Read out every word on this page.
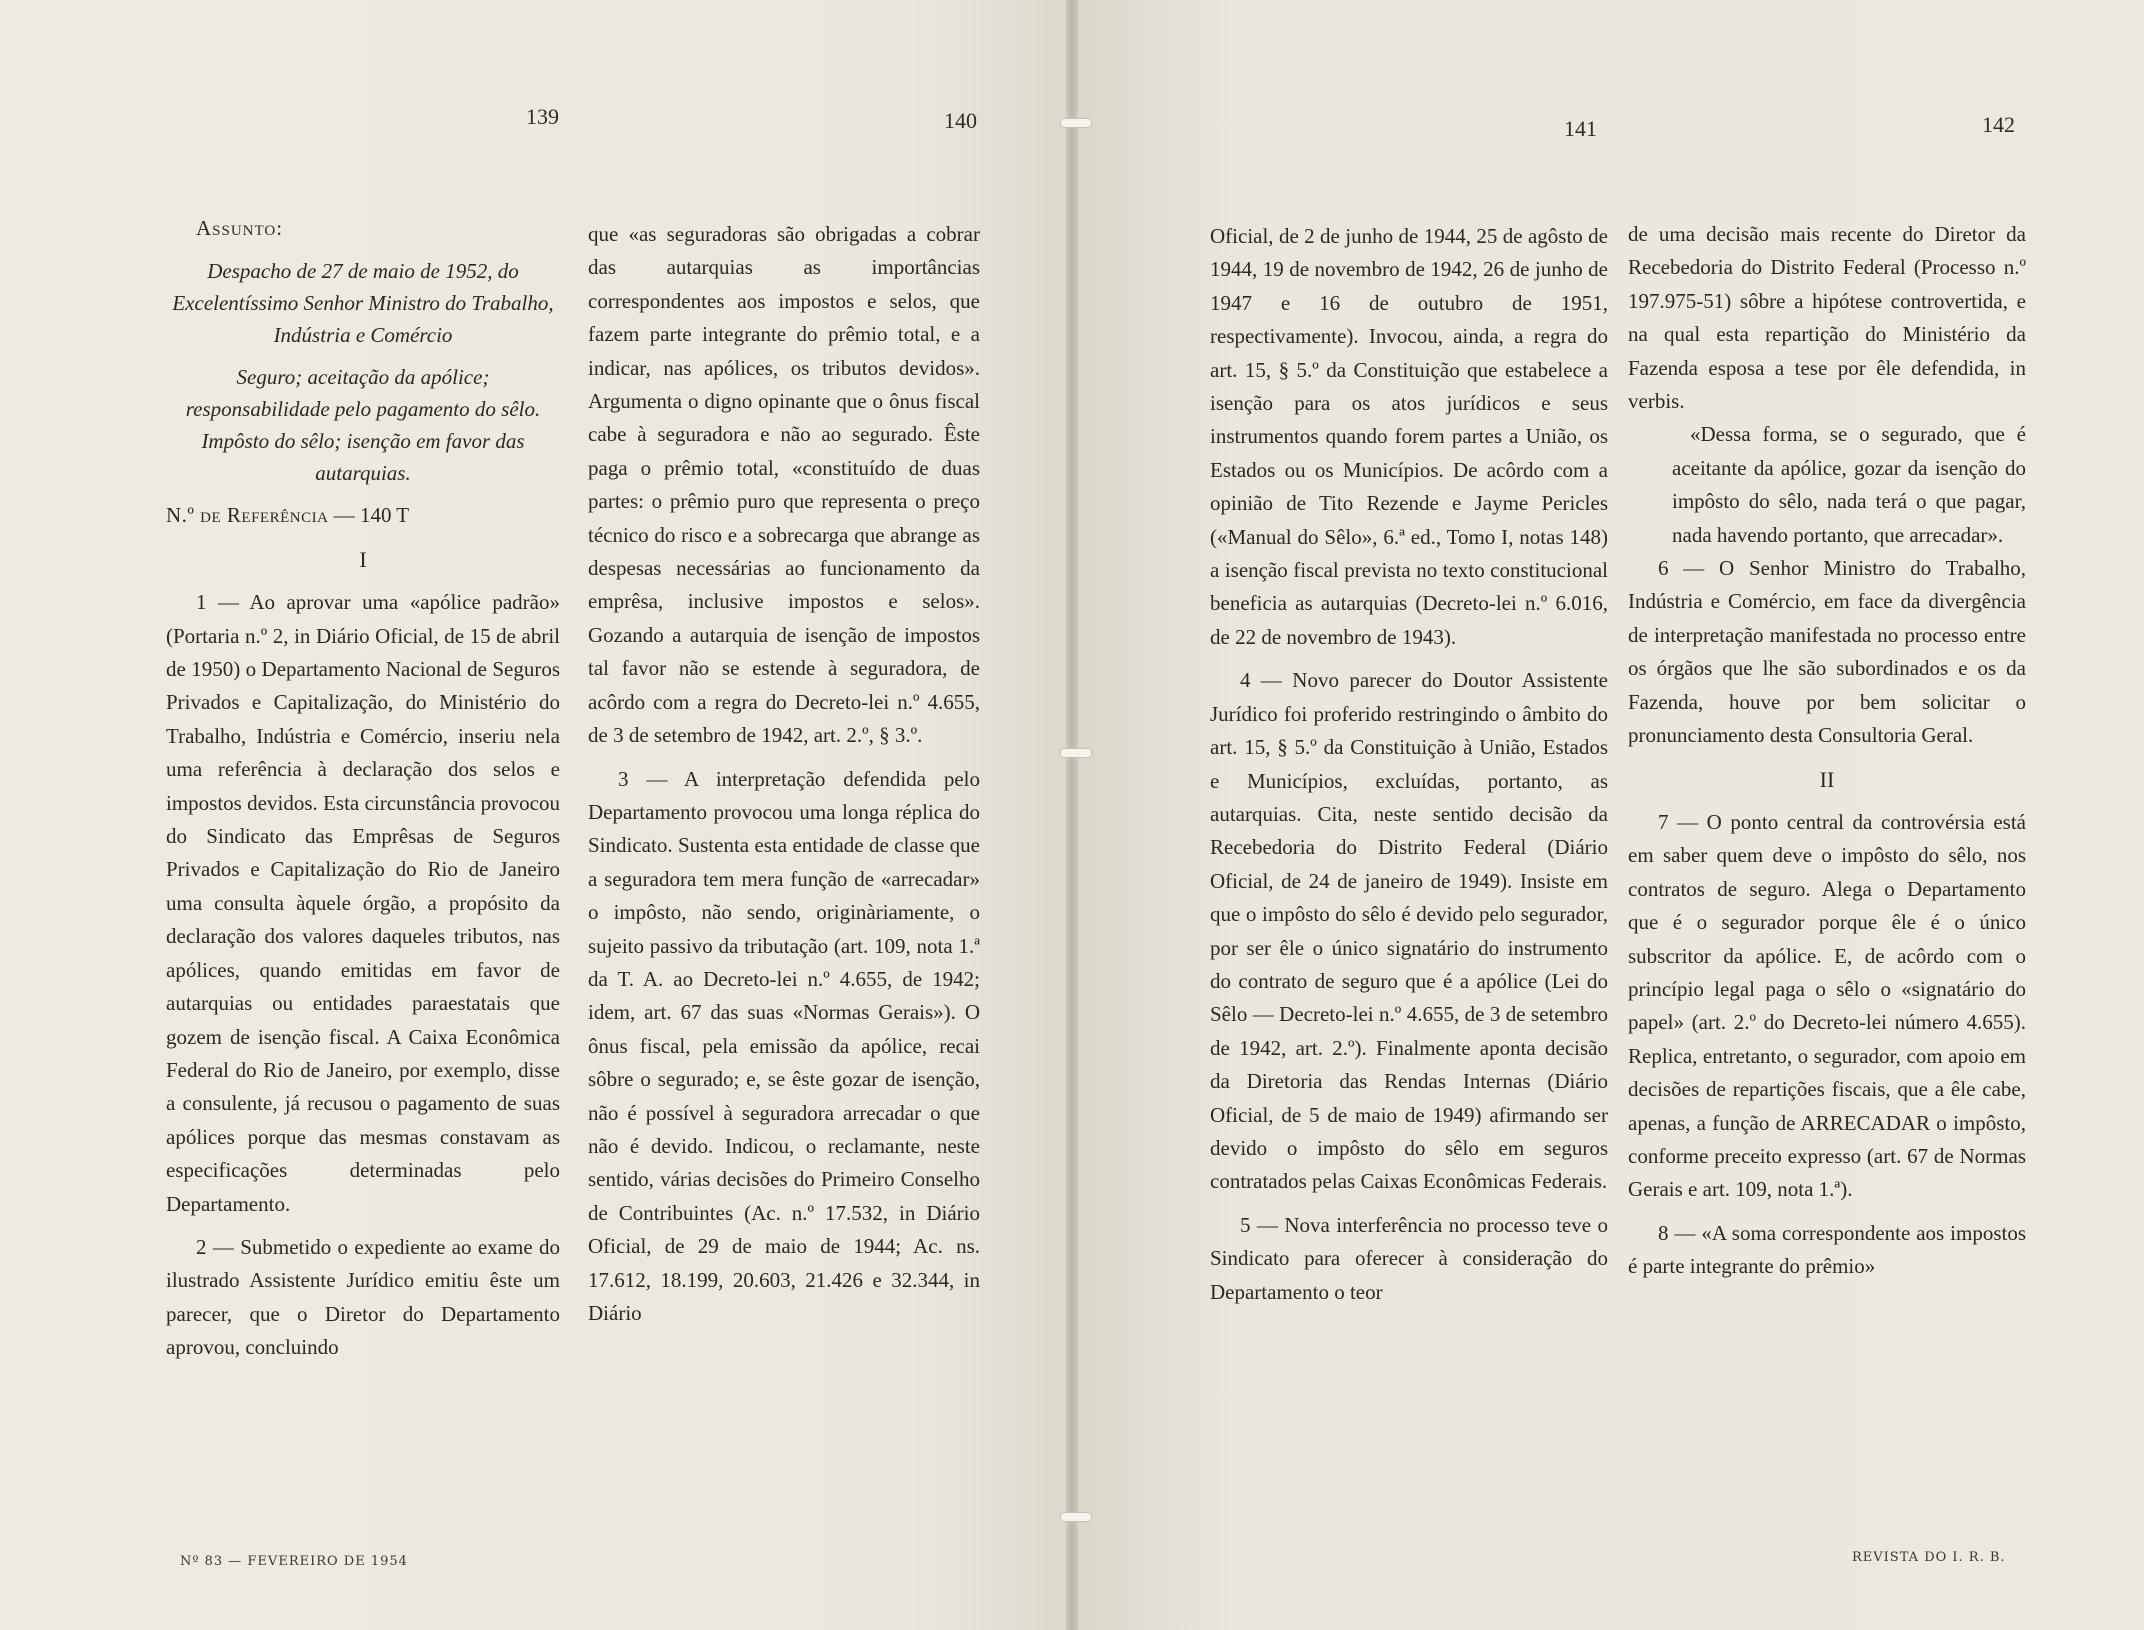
139	140

Assunto:

Despacho de 27 de maio de 1952, do Excelentíssimo Senhor Ministro do Trabalho, Indústria e Comércio

Seguro; aceitação da apólice; responsabilidade pelo pagamento do sêlo. Impôsto do sêlo; isenção em favor das autarquias.

N.º de Referência — 140 T

I

1 — Ao aprovar uma «apólice padrão» (Portaria n.º 2, in Diário Oficial, de 15 de abril de 1950) o Departamento Nacional de Seguros Privados e Capitalização, do Ministério do Trabalho, Indústria e Comércio, inseriu nela uma referência à declaração dos selos e impostos devidos. Esta circunstância provocou do Sindicato das Emprêsas de Seguros Privados e Capitalização do Rio de Janeiro uma consulta àquele órgão, a propósito da declaração dos valores daqueles tributos, nas apólices, quando emitidas em favor de autarquias ou entidades paraestatais que gozem de isenção fiscal. A Caixa Econômica Federal do Rio de Janeiro, por exemplo, disse a consulente, já recusou o pagamento de suas apólices porque das mesmas constavam as especificações determinadas pelo Departamento.

2 — Submetido o expediente ao exame do ilustrado Assistente Jurídico emitiu êste um parecer, que o Diretor do Departamento aprovou, concluindo

que «as seguradoras são obrigadas a cobrar das autarquias as importâncias correspondentes aos impostos e selos, que fazem parte integrante do prêmio total, e a indicar, nas apólices, os tributos devidos». Argumenta o digno opinante que o ônus fiscal cabe à seguradora e não ao segurado. Êste paga o prêmio total, «constituído de duas partes: o prêmio puro que representa o preço técnico do risco e a sobrecarga que abrange as despesas necessárias ao funcionamento da emprêsa, inclusive impostos e selos». Gozando a autarquia de isenção de impostos tal favor não se estende à seguradora, de acôrdo com a regra do Decreto-lei n.º 4.655, de 3 de setembro de 1942, art. 2.º, § 3.º.

3 — A interpretação defendida pelo Departamento provocou uma longa réplica do Sindicato. Sustenta esta entidade de classe que a seguradora tem mera função de «arrecadar» o impôsto, não sendo, originàriamente, o sujeito passivo da tributação (art. 109, nota 1.ª da T. A. ao Decreto-lei n.º 4.655, de 1942; idem, art. 67 das suas «Normas Gerais»). O ônus fiscal, pela emissão da apólice, recai sôbre o segurado; e, se êste gozar de isenção, não é possível à seguradora arrecadar o que não é devido. Indicou, o reclamante, neste sentido, várias decisões do Primeiro Conselho de Contribuintes (Ac. n.º 17.532, in Diário Oficial, de 29 de maio de 1944; Ac. ns. 17.612, 18.199, 20.603, 21.426 e 32.344, in Diário

Nº 83 — FEVEREIRO DE 1954
141	142

Oficial, de 2 de junho de 1944, 25 de agôsto de 1944, 19 de novembro de 1942, 26 de junho de 1947 e 16 de outubro de 1951, respectivamente). Invocou, ainda, a regra do art. 15, § 5.º da Constituição que estabelece a isenção para os atos jurídicos e seus instrumentos quando forem partes a União, os Estados ou os Municípios. De acôrdo com a opinião de Tito Rezende e Jayme Pericles («Manual do Sêlo», 6.ª ed., Tomo I, notas 148) a isenção fiscal prevista no texto constitucional beneficia as autarquias (Decreto-lei n.º 6.016, de 22 de novembro de 1943).

4 — Novo parecer do Doutor Assistente Jurídico foi proferido restringindo o âmbito do art. 15, § 5.º da Constituição à União, Estados e Municípios, excluídas, portanto, as autarquias. Cita, neste sentido decisão da Recebedoria do Distrito Federal (Diário Oficial, de 24 de janeiro de 1949). Insiste em que o impôsto do sêlo é devido pelo segurador, por ser êle o único signatário do instrumento do contrato de seguro que é a apólice (Lei do Sêlo — Decreto-lei n.º 4.655, de 3 de setembro de 1942, art. 2.º). Finalmente aponta decisão da Diretoria das Rendas Internas (Diário Oficial, de 5 de maio de 1949) afirmando ser devido o impôsto do sêlo em seguros contratados pelas Caixas Econômicas Federais.

5 — Nova interferência no processo teve o Sindicato para oferecer à consideração do Departamento o teor

de uma decisão mais recente do Diretor da Recebedoria do Distrito Federal (Processo n.º 197.975-51) sôbre a hipótese controvertida, e na qual esta repartição do Ministério da Fazenda esposa a tese por êle defendida, in verbis.

«Dessa forma, se o segurado, que é aceitante da apólice, gozar da isenção do impôsto do sêlo, nada terá o que pagar, nada havendo portanto, que arrecadar».

6 — O Senhor Ministro do Trabalho, Indústria e Comércio, em face da divergência de interpretação manifestada no processo entre os órgãos que lhe são subordinados e os da Fazenda, houve por bem solicitar o pronunciamento desta Consultoria Geral.

II

7 — O ponto central da controvérsia está em saber quem deve o impôsto do sêlo, nos contratos de seguro. Alega o Departamento que é o segurador porque êle é o único subscritor da apólice. E, de acôrdo com o princípio legal paga o sêlo o «signatário do papel» (art. 2.º do Decreto-lei número 4.655). Replica, entretanto, o segurador, com apoio em decisões de repartições fiscais, que a êle cabe, apenas, a função de ARRECADAR o impôsto, conforme preceito expresso (art. 67 de Normas Gerais e art. 109, nota 1.ª).

8 — «A soma correspondente aos impostos é parte integrante do prêmio»

REVISTA DO I. R. B.
